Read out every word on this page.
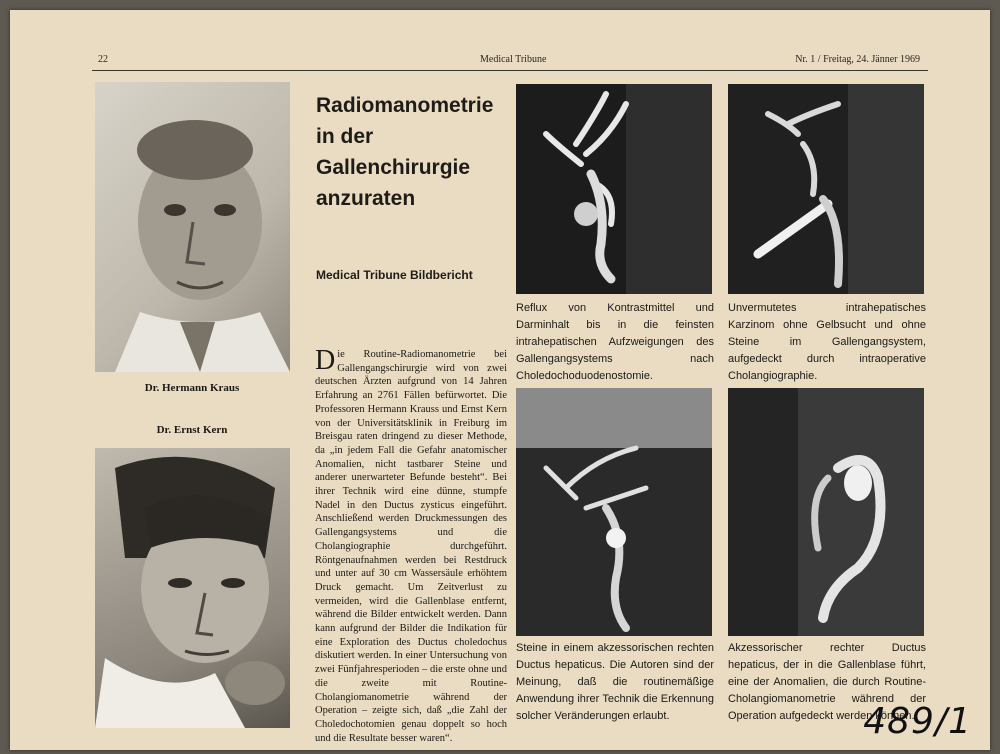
22	Medical Tribune	Nr. 1 / Freitag, 24. Jänner 1969
Dr. Hermann Kraus
Dr. Ernst Kern
Radiomanometrie
in der
Gallenchirurgie
anzuraten
Medical Tribune Bildbericht
Die Routine-Radiomanometrie bei Gallengangschirurgie wird von zwei deutschen Ärzten aufgrund von 14 Jahren Erfahrung an 2761 Fällen befürwortet. Die Professoren Hermann Krauss und Ernst Kern von der Universitätsklinik in Freiburg im Breisgau raten dringend zu dieser Methode, da „in jedem Fall die Gefahr anatomischer Anomalien, nicht tastbarer Steine und anderer unerwarteter Befunde besteht“. Bei ihrer Technik wird eine dünne, stumpfe Nadel in den Ductus zysticus eingeführt. Anschließend werden Druckmessungen des Gallengangsystems und die Cholangiographie durchgeführt. Röntgenaufnahmen werden bei Restdruck und unter auf 30 cm Wassersäule erhöhtem Druck gemacht. Um Zeitverlust zu vermeiden, wird die Gallenblase entfernt, während die Bilder entwickelt werden. Dann kann aufgrund der Bilder die Indikation für eine Exploration des Ductus choledochus diskutiert werden. In einer Untersuchung von zwei Fünfjahresperioden – die erste ohne und die zweite mit Routine-Cholangiomanometrie während der Operation – zeigte sich, daß „die Zahl der Choledochotomien genau doppelt so hoch und die Resultate besser waren“.
Reflux von Kontrastmittel und Darminhalt bis in die feinsten intrahepatischen Aufzweigungen des Gallengangsystems nach Choledochoduodenostomie.
Unvermutetes intrahepatisches Karzinom ohne Gelbsucht und ohne Steine im Gallengangsystem, aufgedeckt durch intraoperative Cholangiographie.
Steine in einem akzessorischen rechten Ductus hepaticus. Die Autoren sind der Meinung, daß die routinemäßige Anwendung ihrer Technik die Erkennung solcher Veränderungen erlaubt.
Akzessorischer rechter Ductus hepaticus, der in die Gallenblase führt, eine der Anomalien, die durch Routine-Cholangiomanometrie während der Operation aufgedeckt werden können.
489/1
